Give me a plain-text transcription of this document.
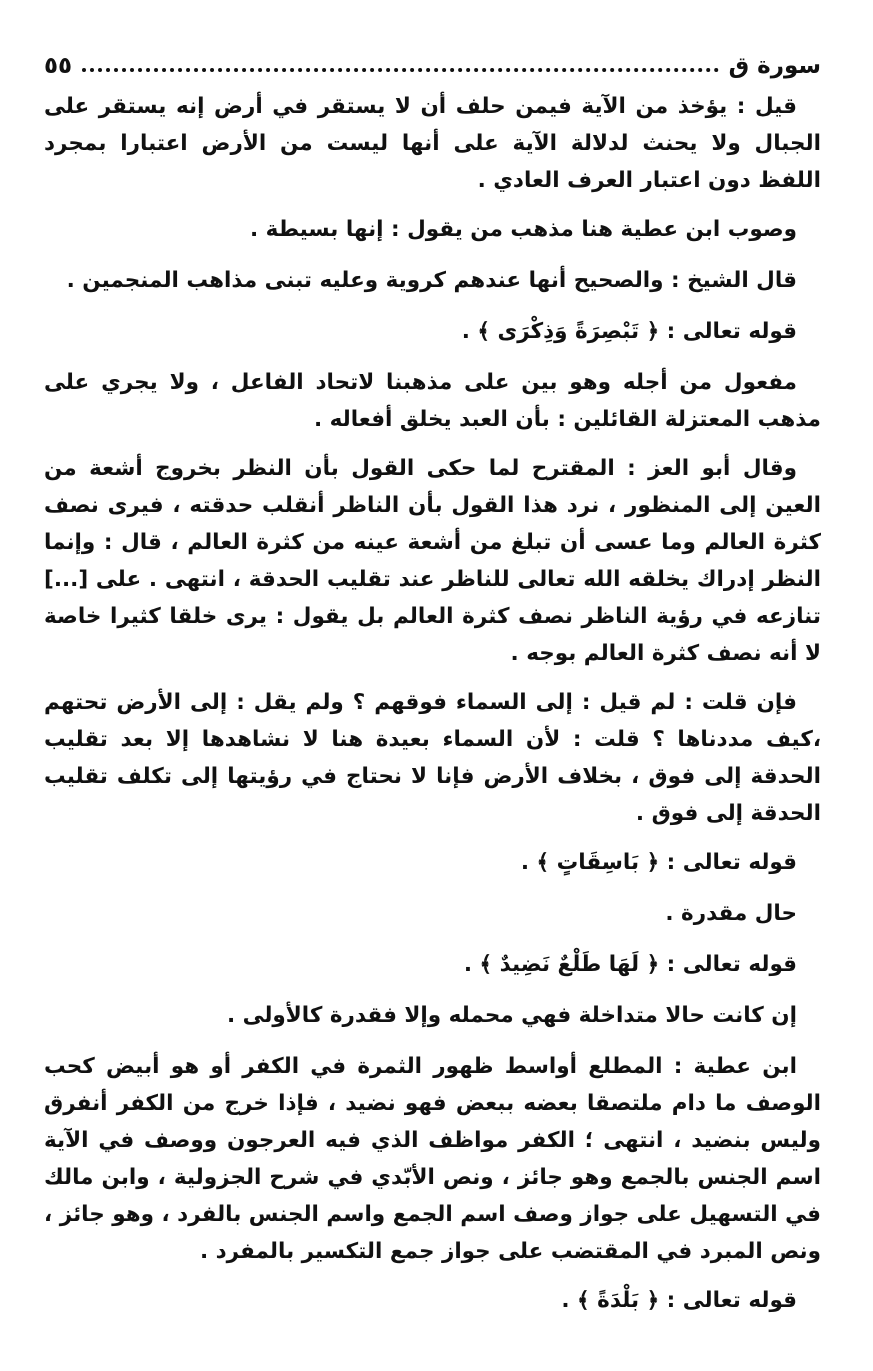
سورة ق
٥٥

قيل : يؤخذ من الآية فيمن حلف أن لا يستقر في أرض إنه يستقر على الجبال ولا يحنث لدلالة الآية على أنها ليست من الأرض اعتبارا بمجرد اللفظ دون اعتبار العرف العادي .

وصوب ابن عطية هنا مذهب من يقول : إنها بسيطة .

قال الشيخ : والصحيح أنها عندهم كروية وعليه تبنى مذاهب المنجمين .

قوله تعالى : ﴿ تَبْصِرَةً وَذِكْرَى ﴾ .

مفعول من أجله وهو بين على مذهبنا لاتحاد الفاعل ، ولا يجري على مذهب المعتزلة القائلين : بأن العبد يخلق أفعاله .

وقال أبو العز : المقترح لما حكى القول بأن النظر بخروج أشعة من العين إلى المنظور ، نرد هذا القول بأن الناظر أنقلب حدقته ، فيرى نصف كثرة العالم وما عسى أن تبلغ من أشعة عينه من كثرة العالم ، قال : وإنما النظر إدراك يخلقه الله تعالى للناظر عند تقليب الحدقة ، انتهى . على [...] تنازعه في رؤية الناظر نصف كثرة العالم بل يقول : يرى خلقا كثيرا خاصة لا أنه نصف كثرة العالم بوجه .

فإن قلت : لم قيل : إلى السماء فوقهم ؟ ولم يقل : إلى الأرض تحتهم ،كيف مددناها ؟ قلت : لأن السماء بعيدة هنا لا نشاهدها إلا بعد تقليب الحدقة إلى فوق ، بخلاف الأرض فإنا لا نحتاج في رؤيتها إلى تكلف تقليب الحدقة إلى فوق .

قوله تعالى : ﴿ بَاسِقَاتٍ ﴾ .

حال مقدرة .

قوله تعالى : ﴿ لَهَا طَلْعٌ نَضِيدٌ ﴾ .

إن كانت حالا متداخلة فهي محمله وإلا فقدرة كالأولى .

ابن عطية : المطلع أواسط ظهور الثمرة في الكفر أو هو أبيض كحب الوصف ما دام ملتصقا بعضه ببعض فهو نضيد ، فإذا خرج من الكفر أنفرق وليس بنضيد ، انتهى ؛ الكفر مواظف الذي فيه العرجون ووصف في الآية اسم الجنس بالجمع وهو جائز ، ونص الأبّدي في شرح الجزولية ، وابن مالك في التسهيل على جواز وصف اسم الجمع واسم الجنس بالفرد ، وهو جائز ، ونص المبرد في المقتضب على جواز جمع التكسير بالمفرد .

قوله تعالى : ﴿ بَلْدَةً ﴾ .
